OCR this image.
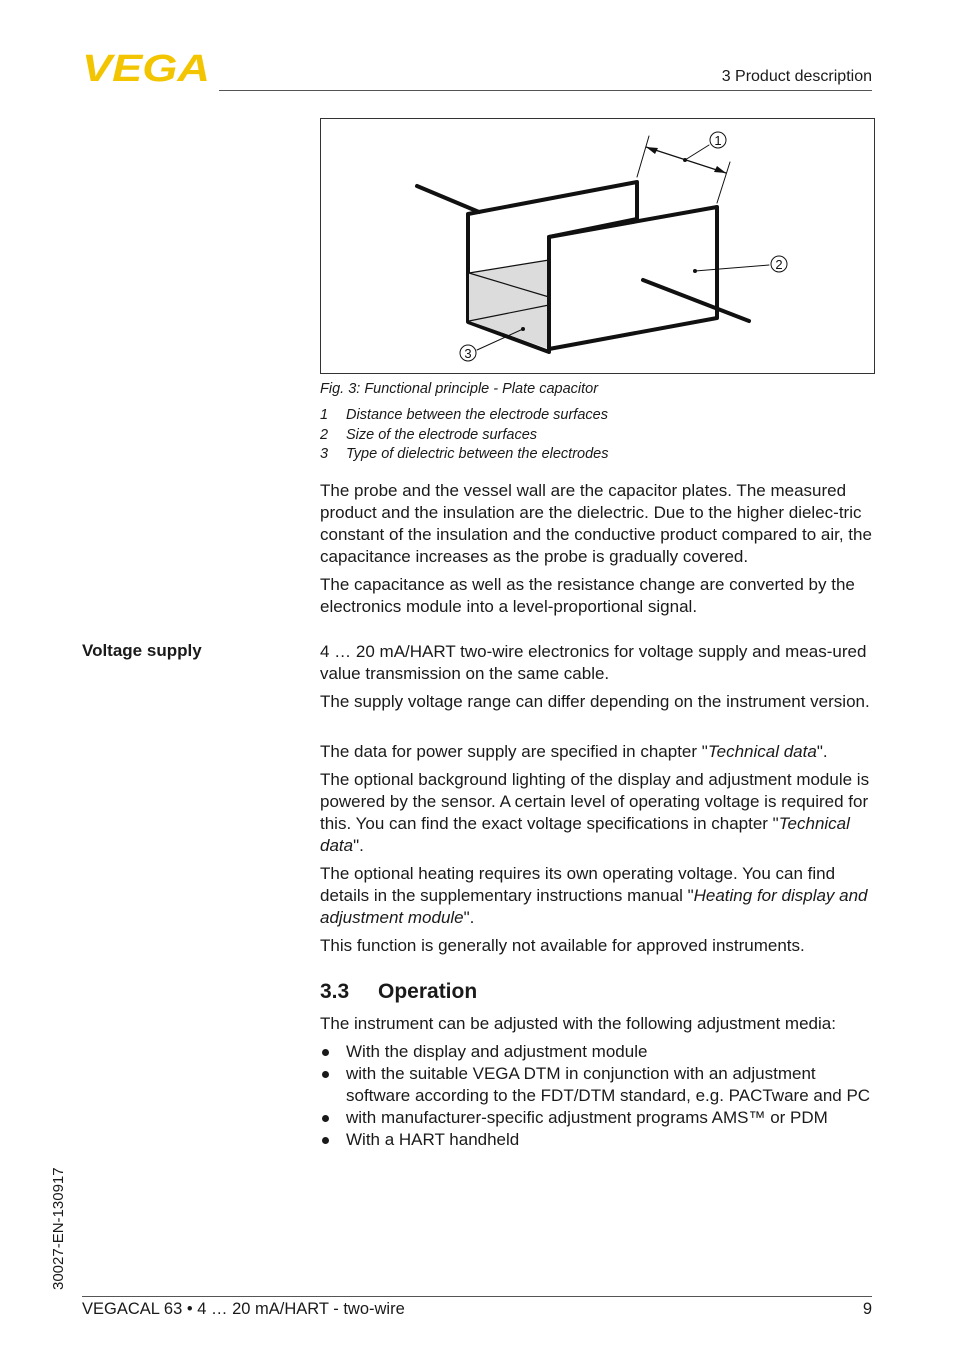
VEGA	3 Product description
1
2
3
Fig. 3: Functional principle - Plate capacitor
1 Distance between the electrode surfaces
2 Size of the electrode surfaces
3 Type of dielectric between the electrodes

The probe and the vessel wall are the capacitor plates. The measured product and the insulation are the dielectric. Due to the higher dielec-tric constant of the insulation and the conductive product compared to air, the capacitance increases as the probe is gradually covered.

The capacitance as well as the resistance change are converted by the electronics module into a level-proportional signal.

Voltage supply	4 … 20 mA/HART two-wire electronics for voltage supply and meas-ured value transmission on the same cable.

The supply voltage range can differ depending on the instrument version.

The data for power supply are specified in chapter "Technical data".

The optional background lighting of the display and adjustment module is powered by the sensor. A certain level of operating voltage is required for this. You can find the exact voltage specifications in chapter "Technical data".

The optional heating requires its own operating voltage. You can find details in the supplementary instructions manual "Heating for display and adjustment module".

This function is generally not available for approved instruments.

3.3 Operation

The instrument can be adjusted with the following adjustment media:

With the display and adjustment module
with the suitable VEGA DTM in conjunction with an adjustment software according to the FDT/DTM standard, e.g. PACTware and PC
with manufacturer-specific adjustment programs AMS™ or PDM
With a HART handheld
30027-EN-130917
VEGACAL 63 • 4 … 20 mA/HART - two-wire	9
